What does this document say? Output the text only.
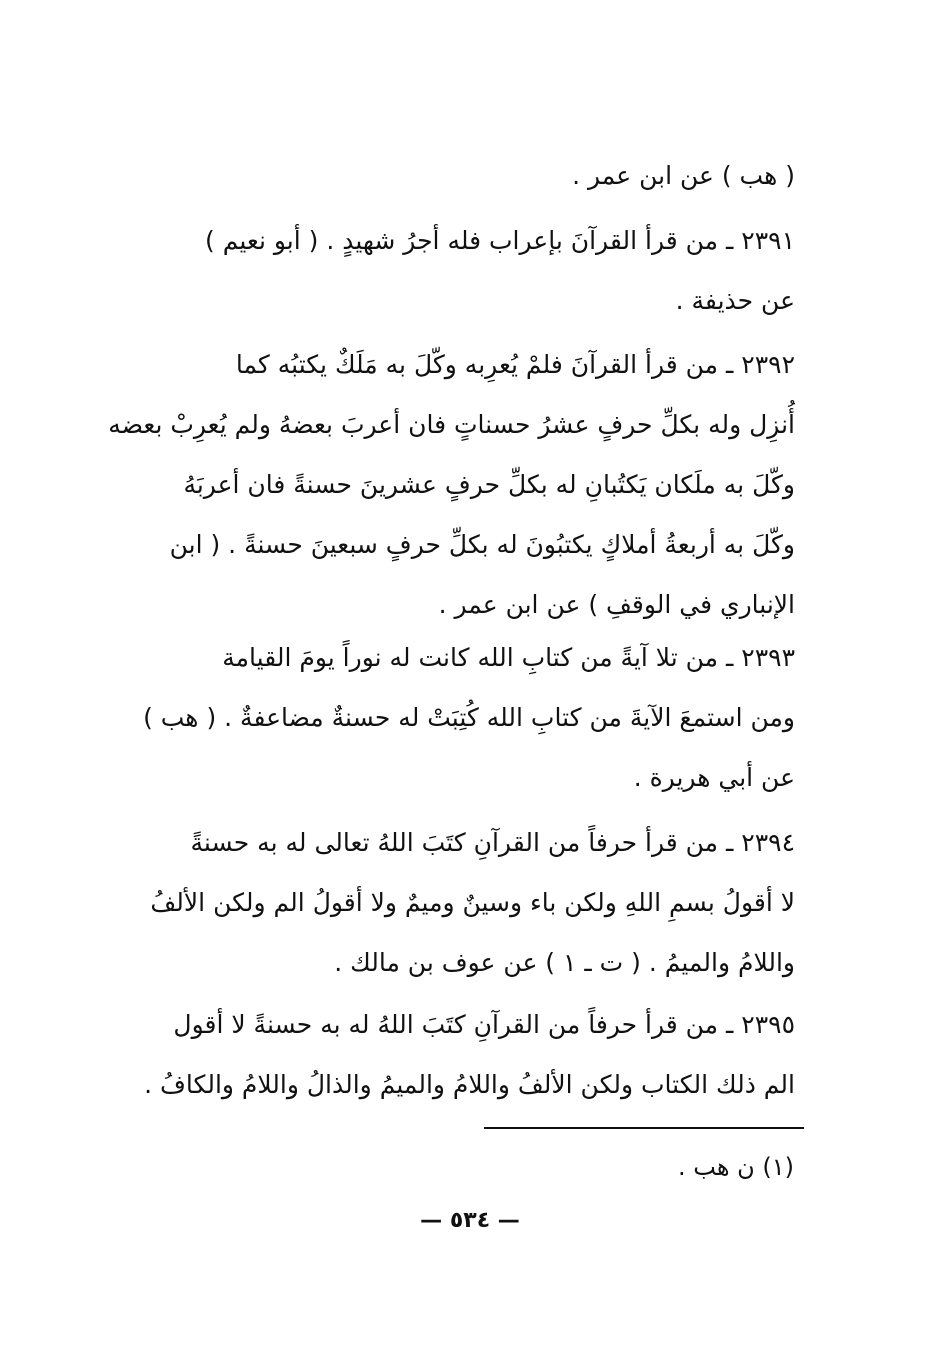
( هب ) عن ابن عمر .
٢٣٩١ ـ من قرأ القرآنَ بإعراب فله أجرُ شهيدٍ . ( أبو نعيم )
عن حذيفة .
٢٣٩٢ ـ من قرأ القرآنَ فلمْ يُعرِبه وكّلَ به مَلَكٌ يكتبُه كما
أُنزِل وله بكلِّ حرفٍ عشرُ حسناتٍ فان أعربَ بعضهُ ولم يُعرِبْ بعضه
وكّلَ به ملَكان يَكتُبانِ له بكلِّ حرفٍ عشرينَ حسنةً فان أعربَهُ
وكّلَ به أربعةُ أملاكٍ يكتبُونَ له بكلِّ حرفٍ سبعينَ حسنةً . ( ابن
الإنباري في الوقفِ ) عن ابن عمر .
٢٣٩٣ ـ من تلا آيةً من كتابِ الله كانت له نوراً يومَ القيامة
ومن استمعَ الآيةَ من كتابِ الله كُتِبَتْ له حسنةٌ مضاعفةٌ . ( هب )
عن أبي هريرة .
٢٣٩٤ ـ من قرأ حرفاً من القرآنِ كتَبَ اللهُ تعالى له به حسنةً
لا أقولُ بسمِ اللهِ ولكن باء وسينٌ وميمٌ ولا أقولُ الم ولكن الألفُ
واللامُ والميمُ . ( ت ـ ١ ) عن عوف بن مالك .
٢٣٩٥ ـ من قرأ حرفاً من القرآنِ كتَبَ اللهُ له به حسنةً لا أقول
الم ذلك الكتاب ولكن الألفُ واللامُ والميمُ والذالُ واللامُ والكافُ .
(١) ن هب .
— ٥٣٤ —
